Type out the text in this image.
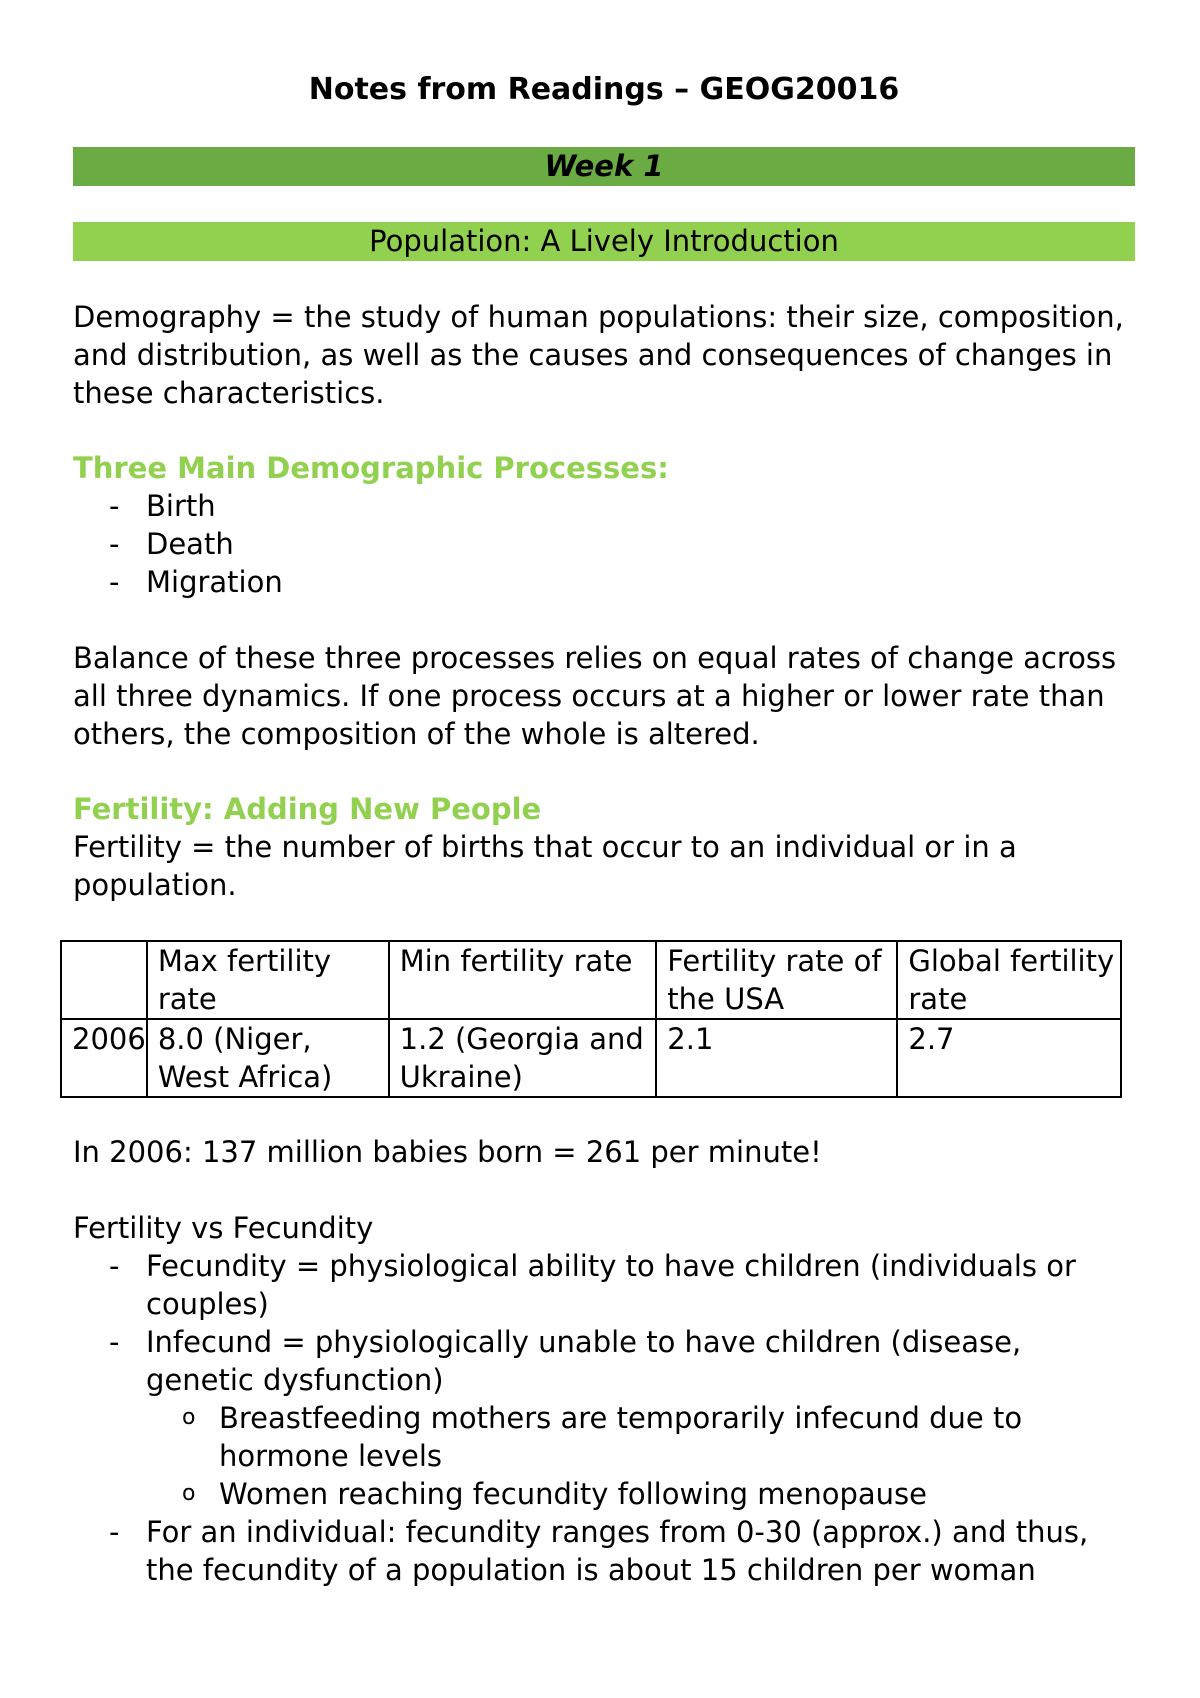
Notes from Readings – GEOG20016
Week 1
Population: A Lively Introduction

Demography = the study of human populations: their size, composition, and distribution, as well as the causes and consequences of changes in these characteristics.

Three Main Demographic Processes:

- Birth
- Death
- Migration

Balance of these three processes relies on equal rates of change across all three dynamics. If one process occurs at a higher or lower rate than others, the composition of the whole is altered.

Fertility: Adding New People

Fertility = the number of births that occur to an individual or in a population.

	Max fertility rate	Min fertility rate	Fertility rate of the USA	Global fertility rate
2006	8.0 (Niger, West Africa)	1.2 (Georgia and Ukraine)	2.1	2.7

In 2006: 137 million babies born = 261 per minute!

Fertility vs Fecundity

- Fecundity = physiological ability to have children (individuals or couples)
- Infecund = physiologically unable to have children (disease, genetic dysfunction)
o Breastfeeding mothers are temporarily infecund due to hormone levels
o Women reaching fecundity following menopause
- For an individual: fecundity ranges from 0-30 (approx.) and thus, the fecundity of a population is about 15 children per woman
